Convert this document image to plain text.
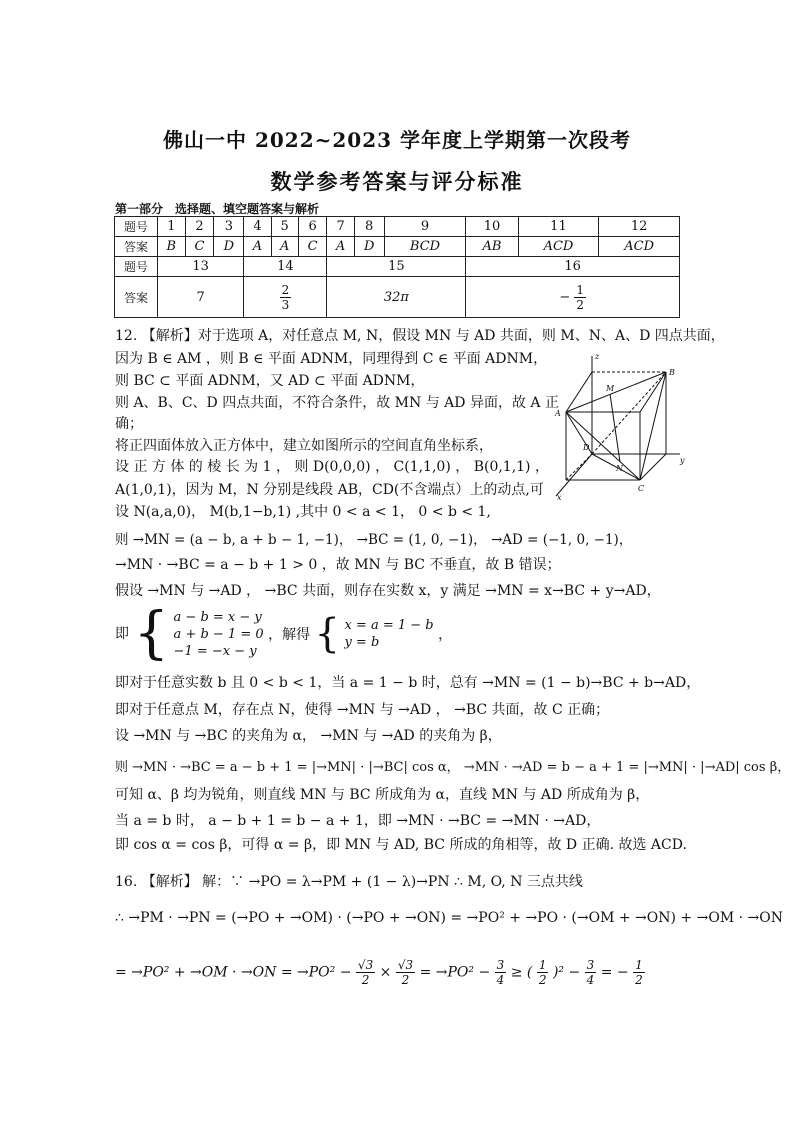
佛山一中 2022~2023 学年度上学期第一次段考
数学参考答案与评分标准
第一部分　选择题、填空题答案与解析
题号	1	2	3	4	5	6	7	8	9	10	11	12
答案	B	C	D	A	A	C	A	D	BCD	AB	ACD	ACD
题号	13			14			15			16		
答案	7			$\frac{2}{3}$			32π			− $\frac{1}{2}$
12. 【解析】对于选项 A，对任意点 M, N，假设 MN 与 AD 共面，则 M、N、A、D 四点共面，
因为 B ∈ AM ，则 B ∈ 平面 ADNM，同理得到 C ∈ 平面 ADNM，
则 BC ⊂ 平面 ADNM，又 AD ⊂ 平面 ADNM，
则 A、B、C、D 四点共面，不符合条件，故 MN 与 AD 异面，故 A 正
确；
将正四面体放入正方体中，建立如图所示的空间直角坐标系，
设 正 方 体 的 棱 长 为 1 ， 则 D(0,0,0) ， C(1,1,0) ， B(0,1,1) ，
A(1,0,1)，因为 M，N 分别是线段 AB，CD(不含端点）上的动点,可
设 N(a,a,0)， M(b,1−b,1) ,其中 0 < a < 1， 0 < b < 1,
则 →MN = (a − b, a + b − 1, −1)， →BC = (1, 0, −1)， →AD = (−1, 0, −1)，
→MN · →BC = a − b + 1 > 0 ，故 MN 与 BC 不垂直，故 B 错误；
假设 →MN 与 →AD ， →BC 共面，则存在实数 x，y 满足 →MN = x→BC + y→AD，
即 { a − b = x − y
a + b − 1 = 0
−1 = −x − y
，解得 { x = a = 1 − b
y = b	，
即对于任意实数 b 且 0 < b < 1，当 a = 1 − b 时，总有 →MN = (1 − b)→BC + b→AD，
即对于任意点 M，存在点 N，使得 →MN 与 →AD ， →BC 共面，故 C 正确；
设 →MN 与 →BC 的夹角为 α， →MN 与 →AD 的夹角为 β，
则 →MN · →BC = a − b + 1 = |→MN| · |→BC| cos α， →MN · →AD = b − a + 1 = |→MN| · |→AD| cos β，
可知 α、β 均为锐角，则直线 MN 与 BC 所成角为 α，直线 MN 与 AD 所成角为 β，
当 a = b 时， a − b + 1 = b − a + 1，即 →MN · →BC = →MN · →AD，
即 cos α = cos β，可得 α = β，即 MN 与 AD, BC 所成的角相等，故 D 正确. 故选 ACD.
16. 【解析】 解：∵ →PO = λ→PM + (1 − λ)→PN ∴ M, O, N 三点共线
∴ →PM · →PN = (→PO + →OM) · (→PO + →ON) = →PO² + →PO · (→OM + →ON) + →OM · →ON
= $\to PO^2 + \to OM \cdot \to ON = \to PO^2 - \frac{√3}{2} \times \frac{√3}{2} = \to PO^2 - \frac{3}{4}$ ≥ ( $\frac{1}{2} )^2 - \frac{3}{4}$ = − $\frac{1}{2}$
z
M
B
A
D
N
C
y
x
